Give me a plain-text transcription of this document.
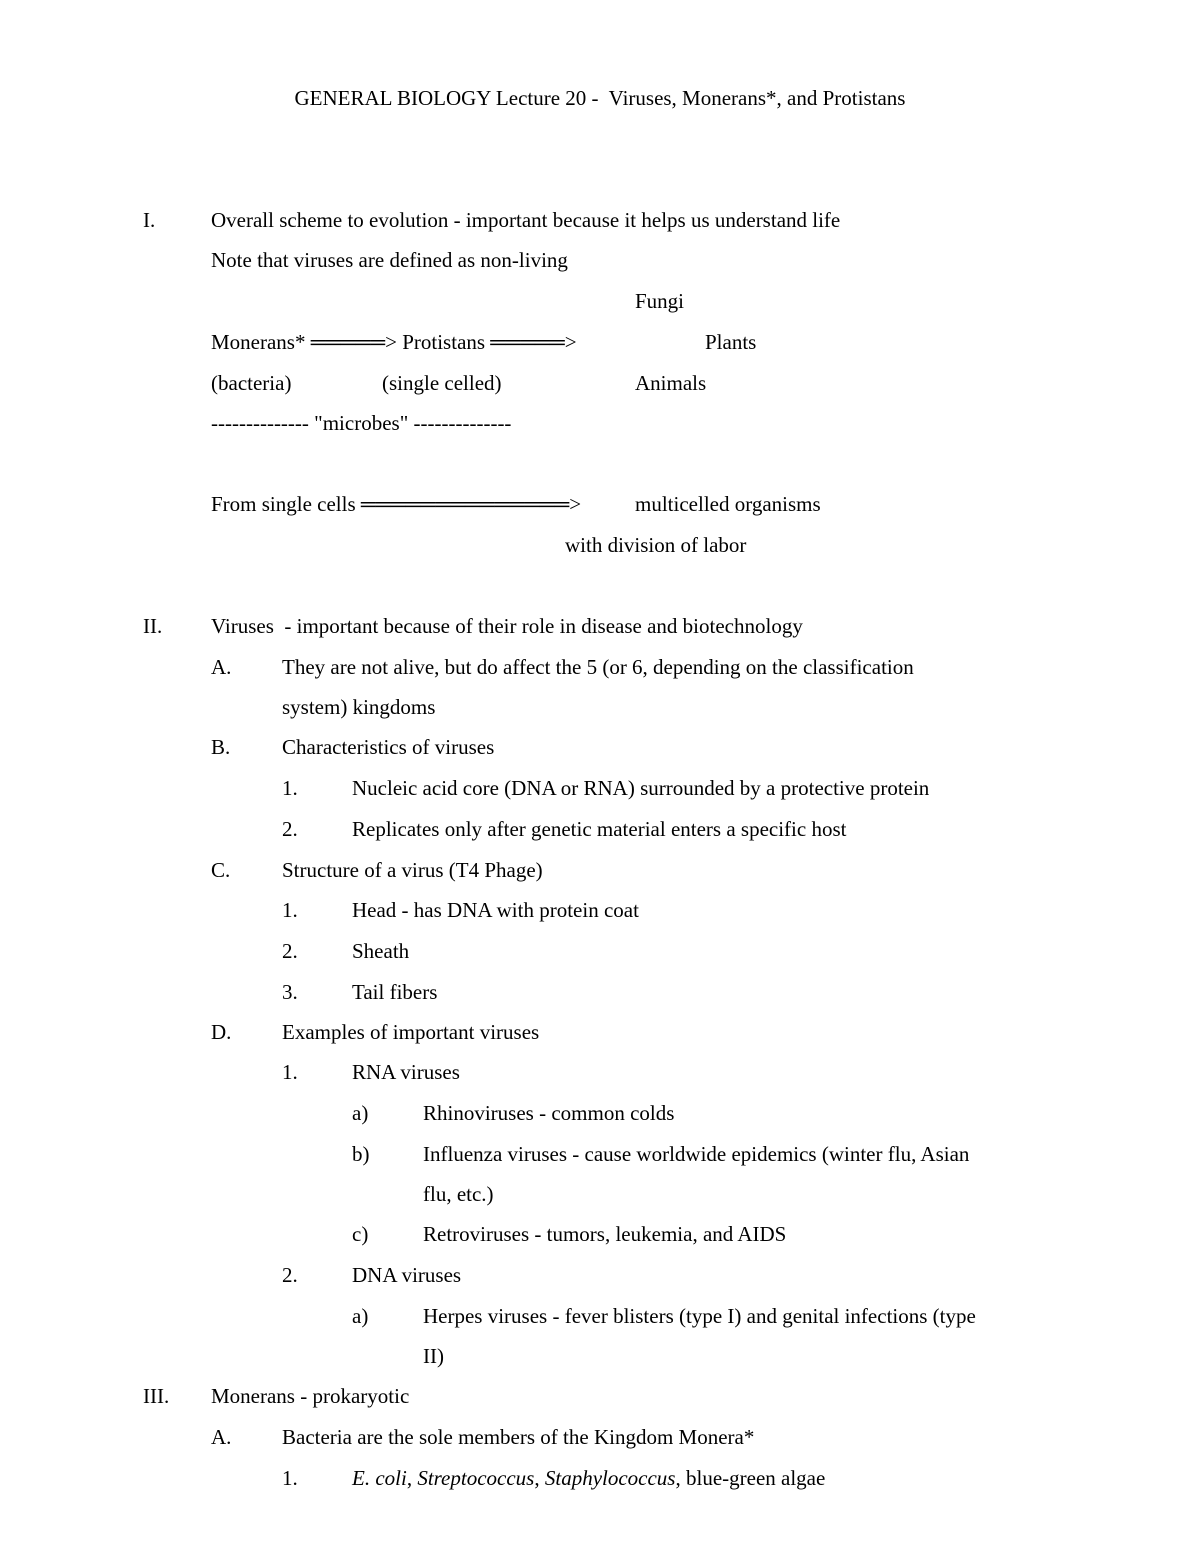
GENERAL BIOLOGY Lecture 20 -  Viruses, Monerans*, and Protistans
I.	Overall scheme to evolution - important because it helps us understand life
Note that viruses are defined as non-living
Fungi
Monerans* ═════> Protistans ═════>	Plants
(bacteria)	(single celled)	Animals
-------------- "microbes" --------------
From single cells ══════════════>	multicelled organisms
with division of labor
II. Viruses  - important because of their role in disease and biotechnology
A. They are not alive, but do affect the 5 (or 6, depending on the classification
system) kingdoms
B. Characteristics of viruses
1.	Nucleic acid core (DNA or RNA) surrounded by a protective protein
2.	Replicates only after genetic material enters a specific host
C. Structure of a virus (T4 Phage)
1.	Head - has DNA with protein coat
2.	Sheath
3.	Tail fibers
D. Examples of important viruses
1.	RNA viruses
a)	Rhinoviruses - common colds
b)	Influenza viruses - cause worldwide epidemics (winter flu, Asian
flu, etc.)
c)	Retroviruses - tumors, leukemia, and AIDS
2.	DNA viruses
a)	Herpes viruses - fever blisters (type I) and genital infections (type
II)
III. Monerans - prokaryotic
A. Bacteria are the sole members of the Kingdom Monera*
1.	E. coli, Streptococcus, Staphylococcus, blue-green algae
